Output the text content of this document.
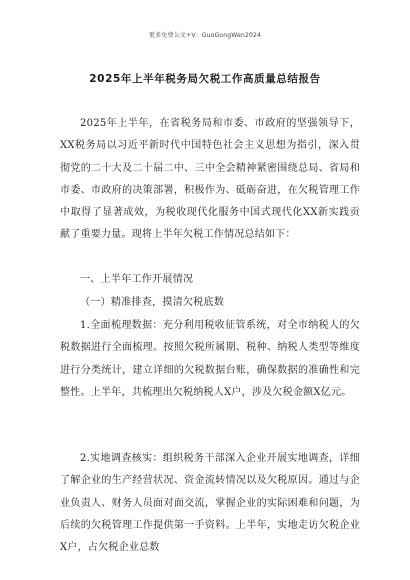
更多免费公文+V：GuoGongWen2024
2025年上半年税务局欠税工作高质量总结报告
2025年上半年，在省税务局和市委、市政府的坚强领导下，XX税务局以习近平新时代中国特色社会主义思想为指引，深入贯彻党的二十大及二十届二中、三中全会精神紧密围绕总局、省局和市委、市政府的决策部署，积极作为、砥砺奋进，在欠税管理工作中取得了显著成效，为税收现代化服务中国式现代化XX新实践贡献了重要力量。现将上半年欠税工作情况总结如下：
一、上半年工作开展情况
（一）精准排查，摸清欠税底数
1.全面梳理数据：充分利用税收征管系统，对全市纳税人的欠税数据进行全面梳理。按照欠税所属期、税种、纳税人类型等维度进行分类统计，建立详细的欠税数据台账，确保数据的准确性和完整性。上半年，共梳理出欠税纳税人X户，涉及欠税金额X亿元。
2.实地调查核实：组织税务干部深入企业开展实地调查，详细了解企业的生产经营状况、资金流转情况以及欠税原因。通过与企业负责人、财务人员面对面交流，掌握企业的实际困难和问题，为后续的欠税管理工作提供第一手资料。上半年，实地走访欠税企业X户，占欠税企业总数
